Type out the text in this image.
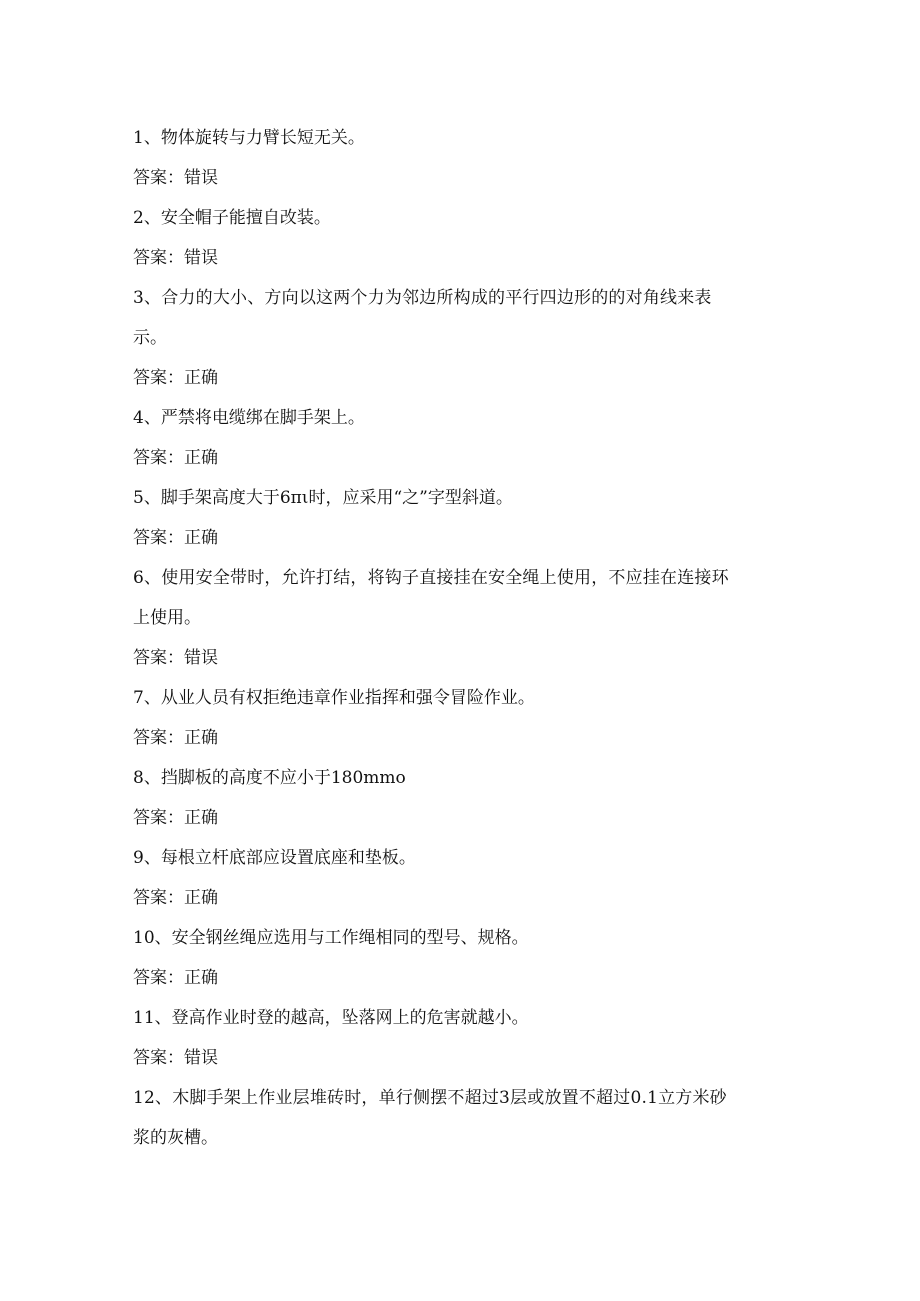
1、物体旋转与力臂长短无关。

答案：错误

2、安全帽子能擅自改装。

答案：错误

3、合力的大小、方向以这两个力为邻边所构成的平行四边形的的对角线来表

示。

答案：正确

4、严禁将电缆绑在脚手架上。

答案：正确

5、脚手架高度大于6πι时，应采用“之”字型斜道。

答案：正确

6、使用安全带时，允许打结，将钩子直接挂在安全绳上使用，不应挂在连接环

上使用。

答案：错误

7、从业人员有权拒绝违章作业指挥和强令冒险作业。

答案：正确

8、挡脚板的高度不应小于180mmo

答案：正确

9、每根立杆底部应设置底座和垫板。

答案：正确

10、安全钢丝绳应选用与工作绳相同的型号、规格。

答案：正确

11、登高作业时登的越高，坠落网上的危害就越小。

答案：错误

12、木脚手架上作业层堆砖时，单行侧摆不超过3层或放置不超过0.1立方米砂

浆的灰槽。
